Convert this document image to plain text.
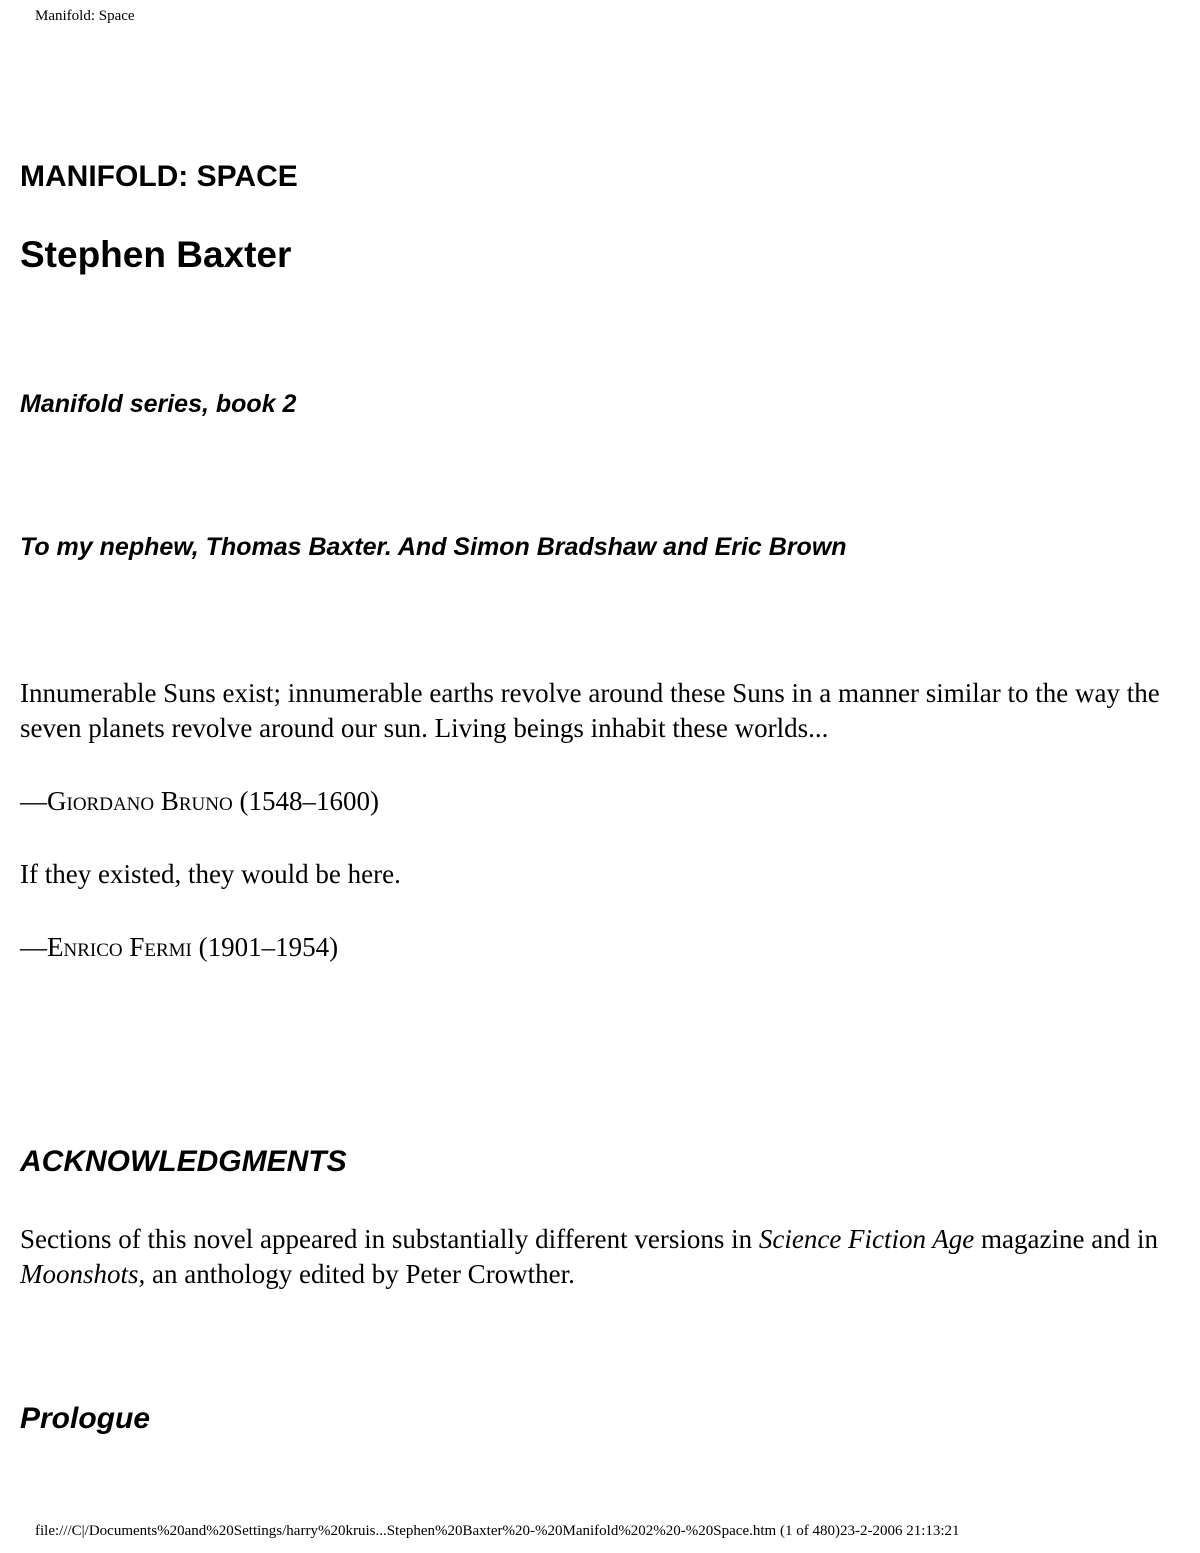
Manifold: Space
MANIFOLD: SPACE
Stephen Baxter
Manifold series, book 2
To my nephew, Thomas Baxter. And Simon Bradshaw and Eric Brown

Innumerable Suns exist; innumerable earths revolve around these Suns in a manner similar to the way the seven planets revolve around our sun. Living beings inhabit these worlds...

—Giordano Bruno (1548–1600)

If they existed, they would be here.

—Enrico Fermi (1901–1954)

ACKNOWLEDGMENTS

Sections of this novel appeared in substantially different versions in Science Fiction Age magazine and in Moonshots, an anthology edited by Peter Crowther.

Prologue
file:///C|/Documents%20and%20Settings/harry%20kruis...Stephen%20Baxter%20-%20Manifold%202%20-%20Space.htm (1 of 480)23-2-2006 21:13:21
